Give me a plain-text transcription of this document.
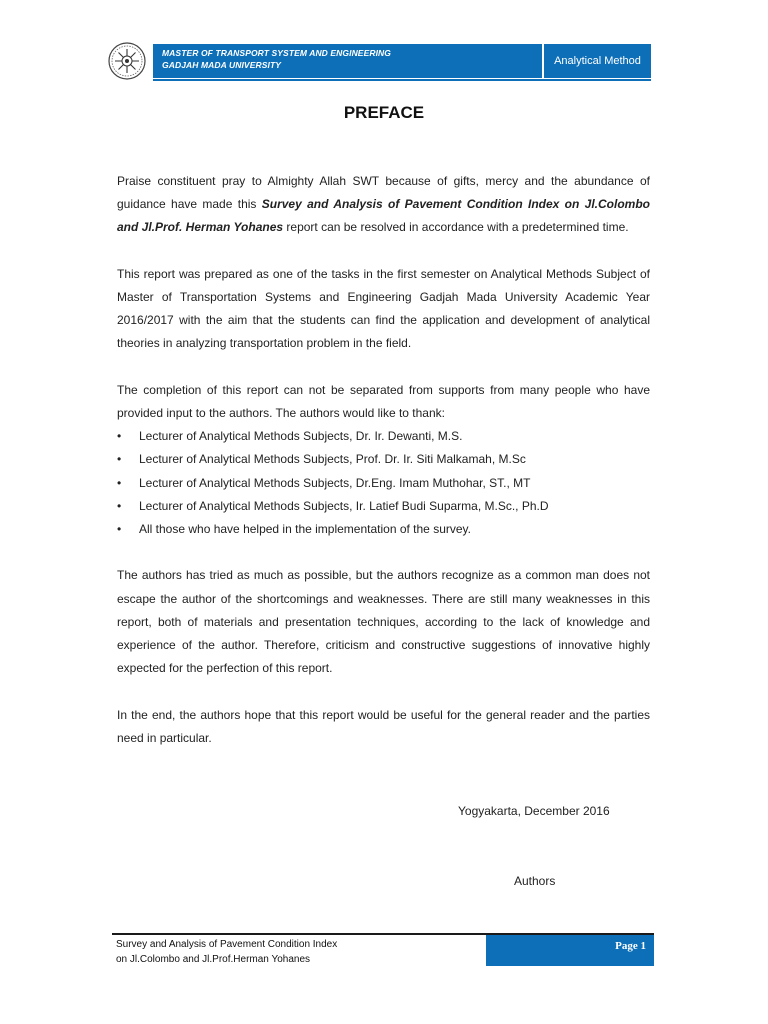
MASTER OF TRANSPORT SYSTEM AND ENGINEERING
GADJAH MADA UNIVERSITY	Analytical Method
PREFACE

Praise constituent pray to Almighty Allah SWT because of gifts, mercy and the abundance of guidance have made this Survey and Analysis of Pavement Condition Index on Jl.Colombo and Jl.Prof. Herman Yohanes report can be resolved in accordance with a predetermined time.

This report was prepared as one of the tasks in the first semester on Analytical Methods Subject of Master of Transportation Systems and Engineering Gadjah Mada University Academic Year 2016/2017 with the aim that the students can find the application and development of analytical theories in analyzing transportation problem in the field.

The completion of this report can not be separated from supports from many people who have provided input to the authors. The authors would like to thank:

• Lecturer of Analytical Methods Subjects, Dr. Ir. Dewanti, M.S.
• Lecturer of Analytical Methods Subjects, Prof. Dr. Ir. Siti Malkamah, M.Sc
• Lecturer of Analytical Methods Subjects, Dr.Eng. Imam Muthohar, ST., MT
• Lecturer of Analytical Methods Subjects, Ir. Latief Budi Suparma, M.Sc., Ph.D
• All those who have helped in the implementation of the survey.

The authors has tried as much as possible, but the authors recognize as a common man does not escape the author of the shortcomings and weaknesses. There are still many weaknesses in this report, both of materials and presentation techniques, according to the lack of knowledge and experience of the author. Therefore, criticism and constructive suggestions of innovative highly expected for the perfection of this report.

In the end, the authors hope that this report would be useful for the general reader and the parties need in particular.

Yogyakarta, December 2016
Authors
Survey and Analysis of Pavement Condition Index
on Jl.Colombo and Jl.Prof.Herman Yohanes
Page 1
